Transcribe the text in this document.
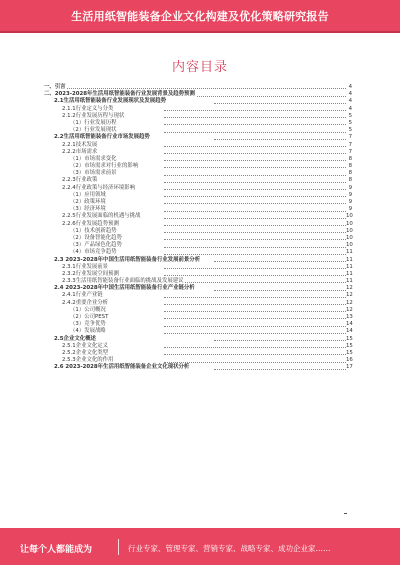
生活用纸智能装备企业文化构建及优化策略研究报告
内容目录
一、引言	4
二、2023-2028年生活用纸智能装备行业发展背景及趋势预测	4
2.1生活用纸智能装备行业发展现状及发展趋势	4
2.1.1行业定义与分类	4
2.1.2行业发展历程与现状	5
（1）行业发展历程	5
（2）行业发展现状	5
2.2生活用纸智能装备行业市场发展趋势	7
2.2.1技术发展	7
2.2.2市场需求	7
（1）市场需求变化	8
（2）市场需求对行业的影响	8
（3）市场需求前景	8
2.2.3行业政策	8
2.2.4行业政策与经济环境影响	9
（1）应用领域	9
（2）政策环境	9
（3）经济环境	9
2.2.5行业发展面临的机遇与挑战	10
2.2.6行业发展趋势预测	10
（1）技术创新趋势	10
（2）设备智能化趋势	10
（3）产品绿色化趋势	10
（4）市场竞争趋势	11
2.3 2023-2028年中国生活用纸智能装备行业发展前景分析	11
2.3.1行业发展前景	11
2.3.2行业发展空间预测	11
2.3.3生活用纸智能装备行业面临的挑战及发展建议	11
2.4 2023-2028年中国生活用纸智能装备行业产业链分析	12
2.4.1行业产业链	12
2.4.2重要企业分析	12
（1）公司概况	12
（2）公司PEST	13
（3）竞争优势	14
（4）发展战略	14
2.5企业文化概述	15
2.5.1企业文化定义	15
2.5.2企业文化类型	15
2.5.3企业文化的作用	16
2.6 2023-2028年生活用纸智能装备企业文化现状分析	17
让每个人都能成为	行业专家、管理专家、营销专家、战略专家、成功企业家……
